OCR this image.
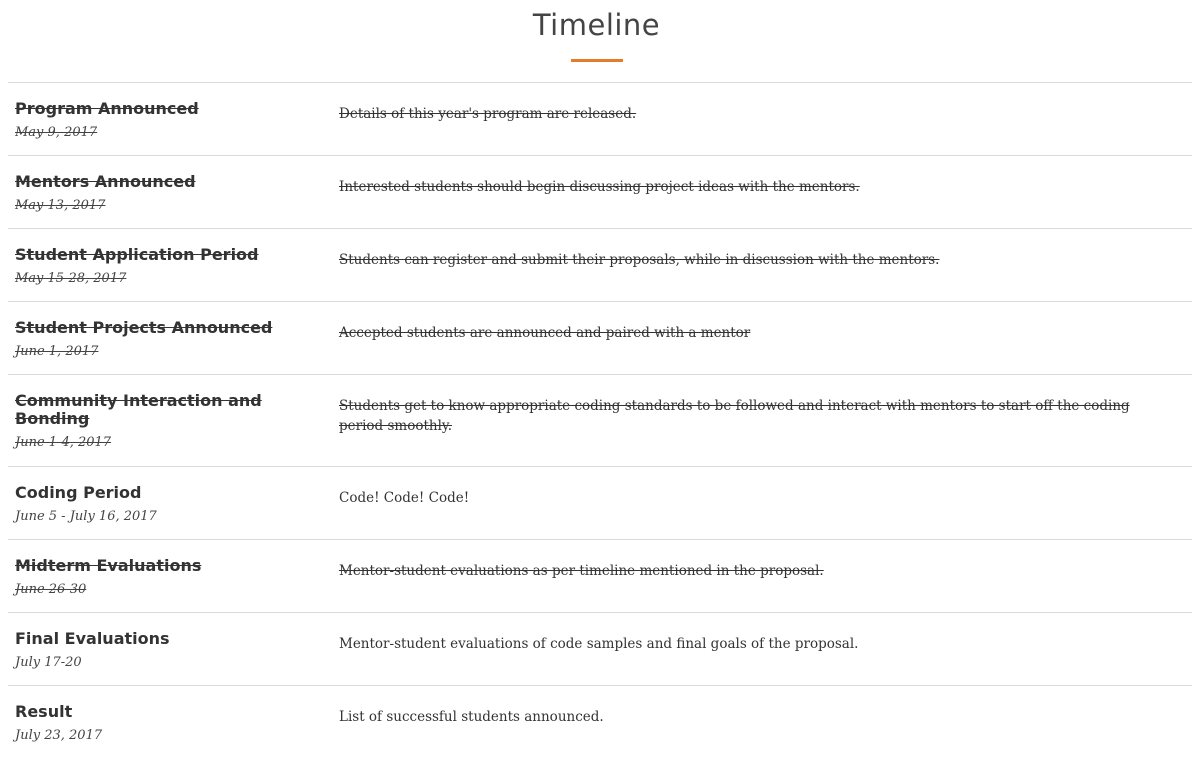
Timeline
Program Announced
May 9, 2017
Details of this year's program are released.
Mentors Announced
May 13, 2017
Interested students should begin discussing project ideas with the mentors.
Student Application Period
May 15-28, 2017
Students can register and submit their proposals, while in discussion with the mentors.
Student Projects Announced
June 1, 2017
Accepted students are announced and paired with a mentor
Community Interaction and Bonding
June 1-4, 2017
Students get to know appropriate coding standards to be followed and interact with mentors to start off the coding period smoothly.
Coding Period
June 5 - July 16, 2017
Code! Code! Code!
Midterm Evaluations
June 26-30
Mentor-student evaluations as per timeline mentioned in the proposal.
Final Evaluations
July 17-20
Mentor-student evaluations of code samples and final goals of the proposal.
Result
July 23, 2017
List of successful students announced.
